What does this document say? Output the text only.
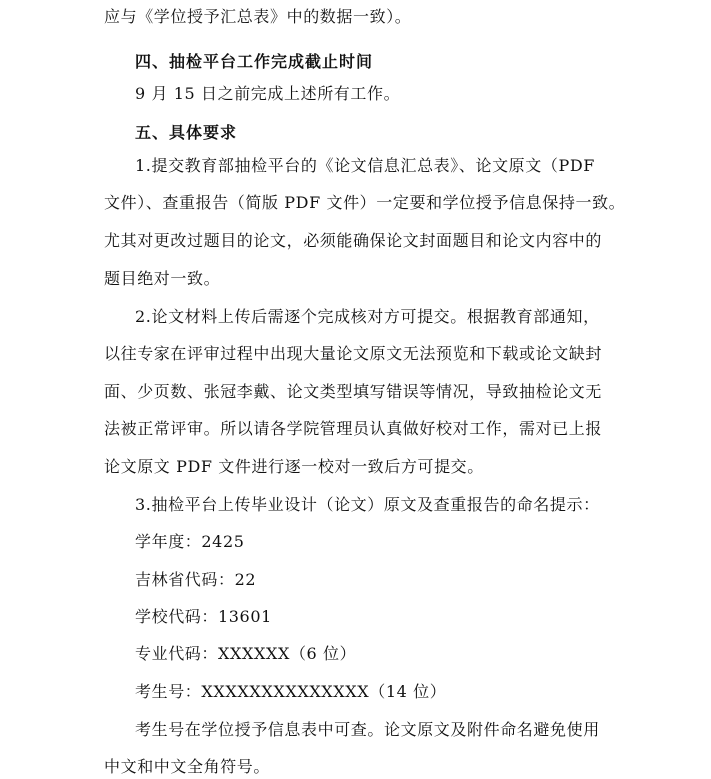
应与《学位授予汇总表》中的数据一致）。
四、抽检平台工作完成截止时间
9 月 15 日之前完成上述所有工作。
五、具体要求
1.提交教育部抽检平台的《论文信息汇总表》、论文原文（PDF
文件）、查重报告（简版 PDF 文件）一定要和学位授予信息保持一致。
尤其对更改过题目的论文，必须能确保论文封面题目和论文内容中的
题目绝对一致。
2.论文材料上传后需逐个完成核对方可提交。根据教育部通知，
以往专家在评审过程中出现大量论文原文无法预览和下载或论文缺封
面、少页数、张冠李戴、论文类型填写错误等情况，导致抽检论文无
法被正常评审。所以请各学院管理员认真做好校对工作，需对已上报
论文原文 PDF 文件进行逐一校对一致后方可提交。
3.抽检平台上传毕业设计（论文）原文及查重报告的命名提示：
学年度：2425
吉林省代码：22
学校代码：13601
专业代码：XXXXXX（6 位）
考生号：XXXXXXXXXXXXXX（14 位）
考生号在学位授予信息表中可查。论文原文及附件命名避免使用
中文和中文全角符号。
